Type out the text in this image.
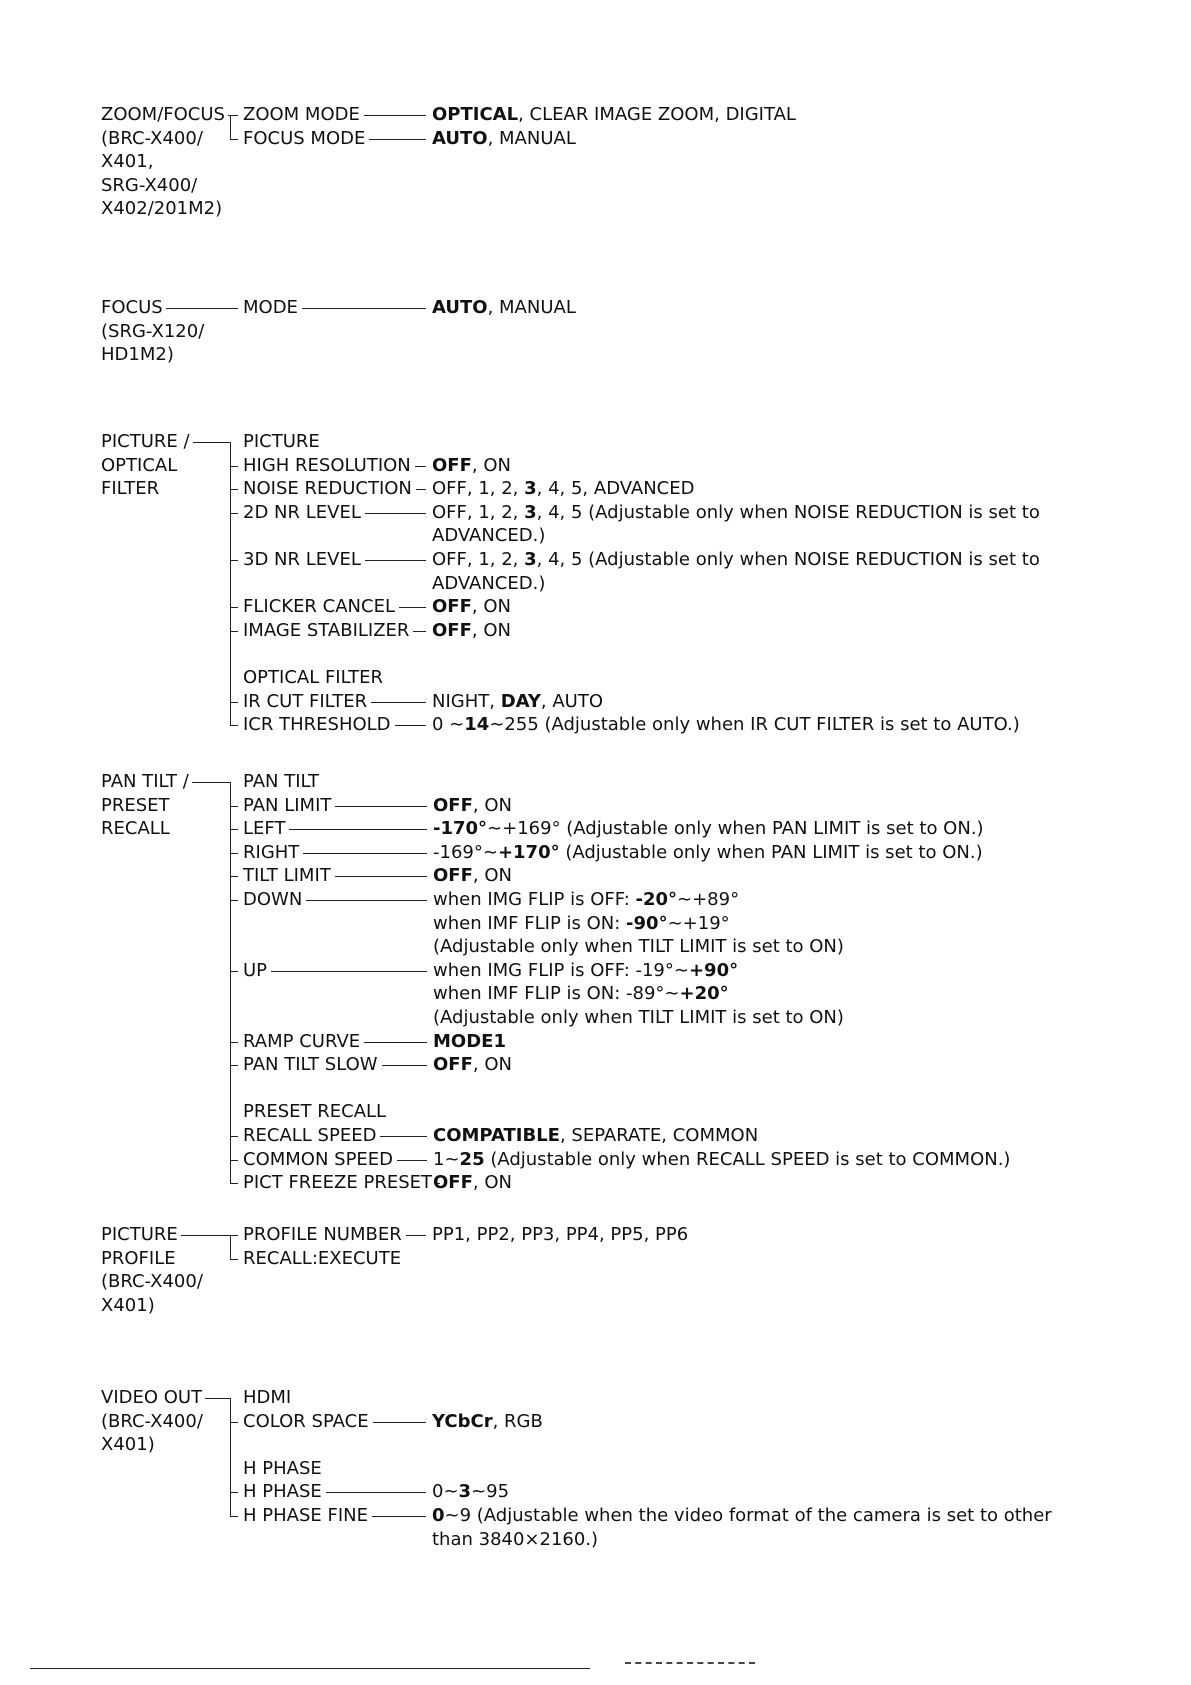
ZOOM/FOCUS
(BRC-X400/
X401,
SRG-X400/
X402/201M2)
ZOOM MODE	OPTICAL, CLEAR IMAGE ZOOM, DIGITAL
FOCUS MODE	AUTO, MANUAL
FOCUS
(SRG-X120/
HD1M2)
MODE	AUTO, MANUAL
PICTURE /
OPTICAL
FILTER
PICTURE
HIGH RESOLUTION OFF, ON
NOISE REDUCTION OFF, 1, 2, 3, 4, 5, ADVANCED
2D NR LEVEL	OFF, 1, 2, 3, 4, 5 (Adjustable only when NOISE REDUCTION is set to
ADVANCED.)
3D NR LEVEL	OFF, 1, 2, 3, 4, 5 (Adjustable only when NOISE REDUCTION is set to
ADVANCED.)
FLICKER CANCEL OFF, ON
IMAGE STABILIZER OFF, ON
OPTICAL FILTER
IR CUT FILTER	NIGHT, DAY, AUTO
ICR THRESHOLD 0 ∼14∼255 (Adjustable only when IR CUT FILTER is set to AUTO.)
PAN TILT /
PRESET
RECALL
PAN TILT
PAN LIMIT	OFF, ON
LEFT	-170°∼+169° (Adjustable only when PAN LIMIT is set to ON.)
RIGHT	-169°∼+170° (Adjustable only when PAN LIMIT is set to ON.)
TILT LIMIT	OFF, ON
DOWN	when IMG FLIP is OFF: -20°∼+89°
when IMF FLIP is ON: -90°∼+19°
(Adjustable only when TILT LIMIT is set to ON)
UP	when IMG FLIP is OFF: -19°∼+90°
when IMF FLIP is ON: -89°∼+20°
(Adjustable only when TILT LIMIT is set to ON)
RAMP CURVE	MODE1
PAN TILT SLOW	OFF, ON
PRESET RECALL
RECALL SPEED	COMPATIBLE, SEPARATE, COMMON
COMMON SPEED 1~25 (Adjustable only when RECALL SPEED is set to COMMON.)
PICT FREEZE PRESET OFF, ON
PICTURE
PROFILE
(BRC-X400/
X401)
PROFILE NUMBER PP1, PP2, PP3, PP4, PP5, PP6
RECALL:EXECUTE
VIDEO OUT
(BRC-X400/
X401)
HDMI
COLOR SPACE	YCbCr, RGB
H PHASE
H PHASE	0~3~95
H PHASE FINE	0~9 (Adjustable when the video format of the camera is set to other
than 3840×2160.)
